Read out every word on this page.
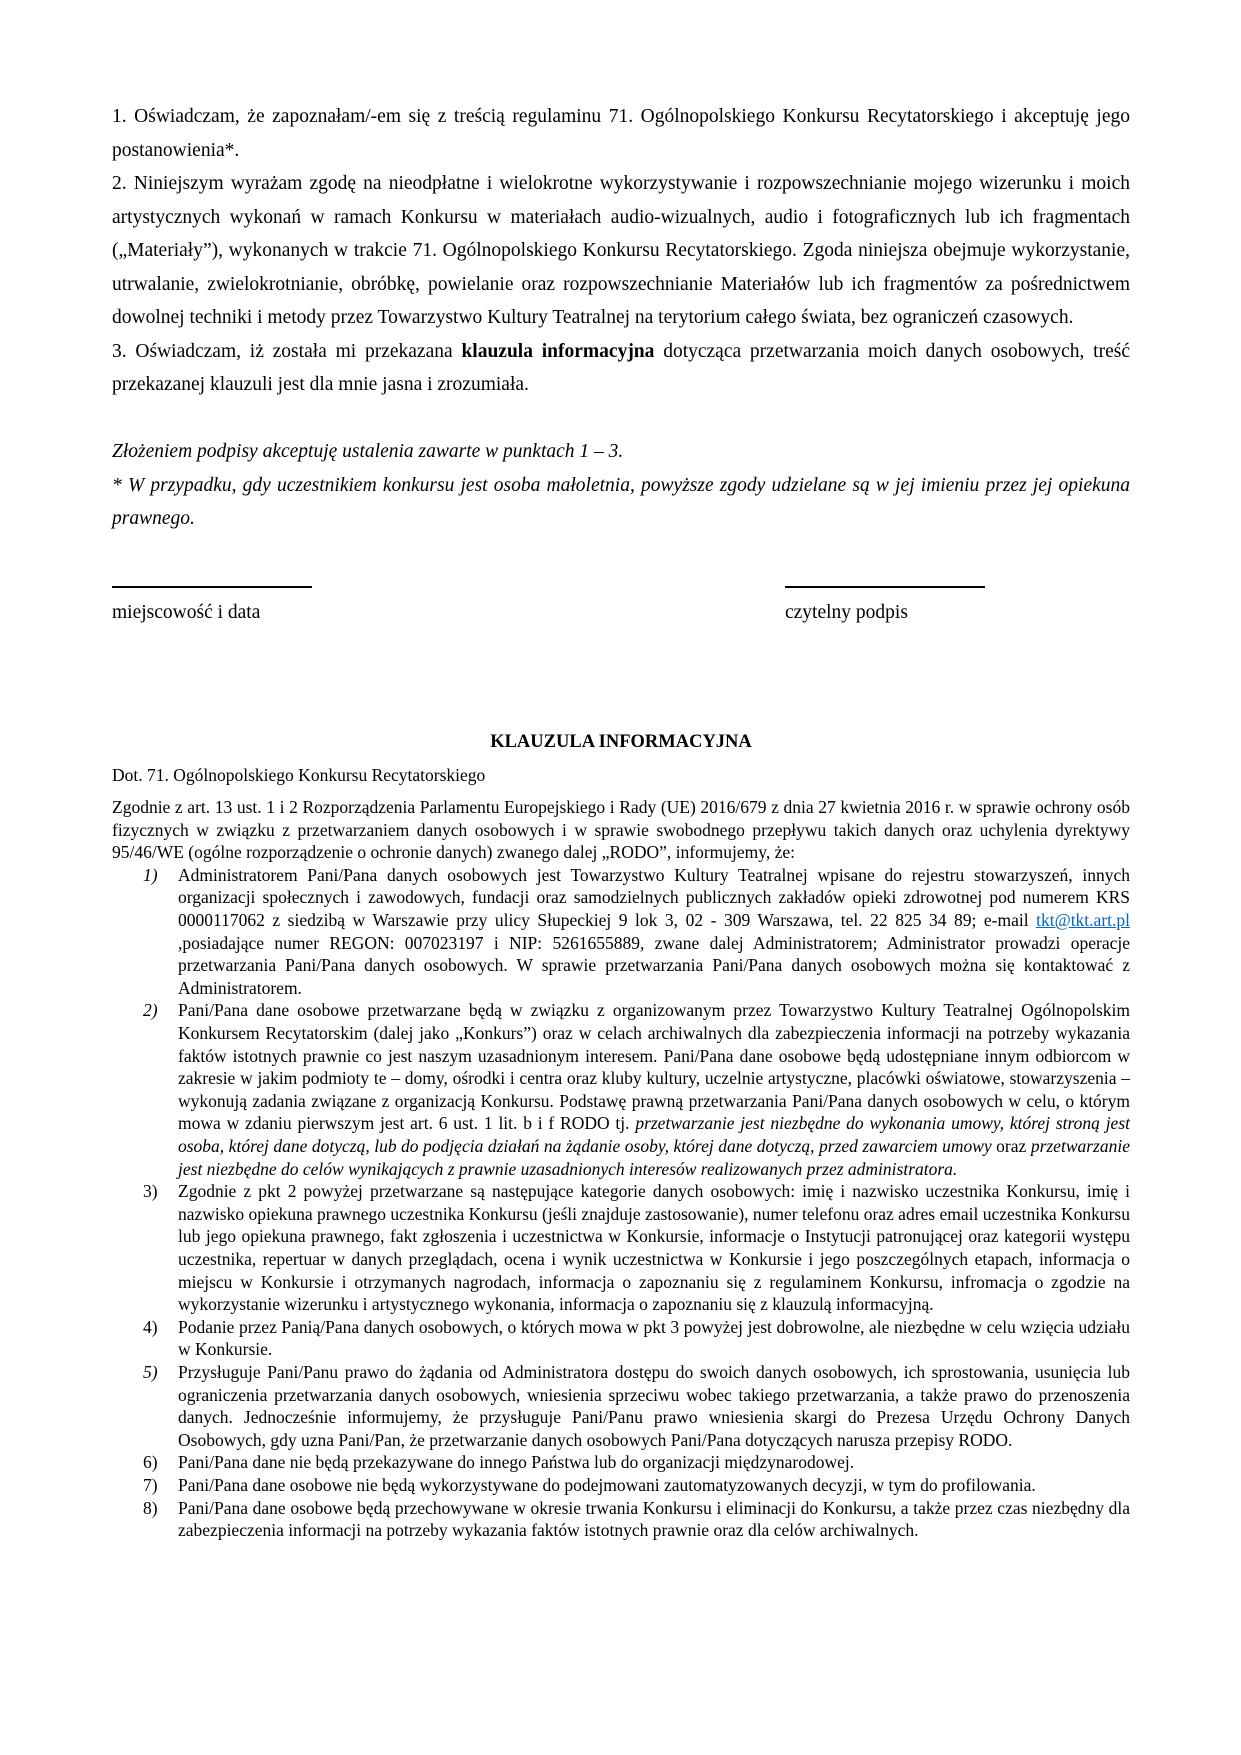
1. Oświadczam, że zapoznałam/-em się z treścią regulaminu 71. Ogólnopolskiego Konkursu Recytatorskiego i akceptuję jego postanowienia*.

2. Niniejszym wyrażam zgodę na nieodpłatne i wielokrotne wykorzystywanie i rozpowszechnianie mojego wizerunku i moich artystycznych wykonań w ramach Konkursu w materiałach audio-wizualnych, audio i fotograficznych lub ich fragmentach („Materiały”), wykonanych w trakcie 71. Ogólnopolskiego Konkursu Recytatorskiego. Zgoda niniejsza obejmuje wykorzystanie, utrwalanie, zwielokrotnianie, obróbkę, powielanie oraz rozpowszechnianie Materiałów lub ich fragmentów za pośrednictwem dowolnej techniki i metody przez Towarzystwo Kultury Teatralnej na terytorium całego świata, bez ograniczeń czasowych.

3. Oświadczam, iż została mi przekazana klauzula informacyjna dotycząca przetwarzania moich danych osobowych, treść przekazanej klauzuli jest dla mnie jasna i zrozumiała.

Złożeniem podpisy akceptuję ustalenia zawarte w punktach 1 – 3.

* W przypadku, gdy uczestnikiem konkursu jest osoba małoletnia, powyższe zgody udzielane są w jej imieniu przez jej opiekuna prawnego.

miejscowość i data	czytelny podpis
KLAUZULA INFORMACYJNA

Dot. 71. Ogólnopolskiego Konkursu Recytatorskiego

Zgodnie z art. 13 ust. 1 i 2 Rozporządzenia Parlamentu Europejskiego i Rady (UE) 2016/679 z dnia 27 kwietnia 2016 r. w sprawie ochrony osób fizycznych w związku z przetwarzaniem danych osobowych i w sprawie swobodnego przepływu takich danych oraz uchylenia dyrektywy 95/46/WE (ogólne rozporządzenie o ochronie danych) zwanego dalej „RODO”, informujemy, że:

1) Administratorem Pani/Pana danych osobowych jest Towarzystwo Kultury Teatralnej wpisane do rejestru stowarzyszeń, innych organizacji społecznych i zawodowych, fundacji oraz samodzielnych publicznych zakładów opieki zdrowotnej pod numerem KRS 0000117062 z siedzibą w Warszawie przy ulicy Słupeckiej 9 lok 3, 02 - 309 Warszawa, tel. 22 825 34 89; e-mail tkt@tkt.art.pl ,posiadające numer REGON: 007023197 i NIP: 5261655889, zwane dalej Administratorem; Administrator prowadzi operacje przetwarzania Pani/Pana danych osobowych. W sprawie przetwarzania Pani/Pana danych osobowych można się kontaktować z Administratorem.
2) Pani/Pana dane osobowe przetwarzane będą w związku z organizowanym przez Towarzystwo Kultury Teatralnej Ogólnopolskim Konkursem Recytatorskim (dalej jako „Konkurs”) oraz w celach archiwalnych dla zabezpieczenia informacji na potrzeby wykazania faktów istotnych prawnie co jest naszym uzasadnionym interesem. Pani/Pana dane osobowe będą udostępniane innym odbiorcom w zakresie w jakim podmioty te – domy, ośrodki i centra oraz kluby kultury, uczelnie artystyczne, placówki oświatowe, stowarzyszenia – wykonują zadania związane z organizacją Konkursu. Podstawę prawną przetwarzania Pani/Pana danych osobowych w celu, o którym mowa w zdaniu pierwszym jest art. 6 ust. 1 lit. b i f RODO tj. przetwarzanie jest niezbędne do wykonania umowy, której stroną jest osoba, której dane dotyczą, lub do podjęcia działań na żądanie osoby, której dane dotyczą, przed zawarciem umowy oraz przetwarzanie jest niezbędne do celów wynikających z prawnie uzasadnionych interesów realizowanych przez administratora.
3) Zgodnie z pkt 2 powyżej przetwarzane są następujące kategorie danych osobowych: imię i nazwisko uczestnika Konkursu, imię i nazwisko opiekuna prawnego uczestnika Konkursu (jeśli znajduje zastosowanie), numer telefonu oraz adres email uczestnika Konkursu lub jego opiekuna prawnego, fakt zgłoszenia i uczestnictwa w Konkursie, informacje o Instytucji patronującej oraz kategorii występu uczestnika, repertuar w danych przeglądach, ocena i wynik uczestnictwa w Konkursie i jego poszczególnych etapach, informacja o miejscu w Konkursie i otrzymanych nagrodach, informacja o zapoznaniu się z regulaminem Konkursu, infromacja o zgodzie na wykorzystanie wizerunku i artystycznego wykonania, informacja o zapoznaniu się z klauzulą informacyjną.
4) Podanie przez Panią/Pana danych osobowych, o których mowa w pkt 3 powyżej jest dobrowolne, ale niezbędne w celu wzięcia udziału w Konkursie.
5) Przysługuje Pani/Panu prawo do żądania od Administratora dostępu do swoich danych osobowych, ich sprostowania, usunięcia lub ograniczenia przetwarzania danych osobowych, wniesienia sprzeciwu wobec takiego przetwarzania, a także prawo do przenoszenia danych. Jednocześnie informujemy, że przysługuje Pani/Panu prawo wniesienia skargi do Prezesa Urzędu Ochrony Danych Osobowych, gdy uzna Pani/Pan, że przetwarzanie danych osobowych Pani/Pana dotyczących narusza przepisy RODO.
6) Pani/Pana dane nie będą przekazywane do innego Państwa lub do organizacji międzynarodowej.
7) Pani/Pana dane osobowe nie będą wykorzystywane do podejmowani zautomatyzowanych decyzji, w tym do profilowania.
8) Pani/Pana dane osobowe będą przechowywane w okresie trwania Konkursu i eliminacji do Konkursu, a także przez czas niezbędny dla zabezpieczenia informacji na potrzeby wykazania faktów istotnych prawnie oraz dla celów archiwalnych.
